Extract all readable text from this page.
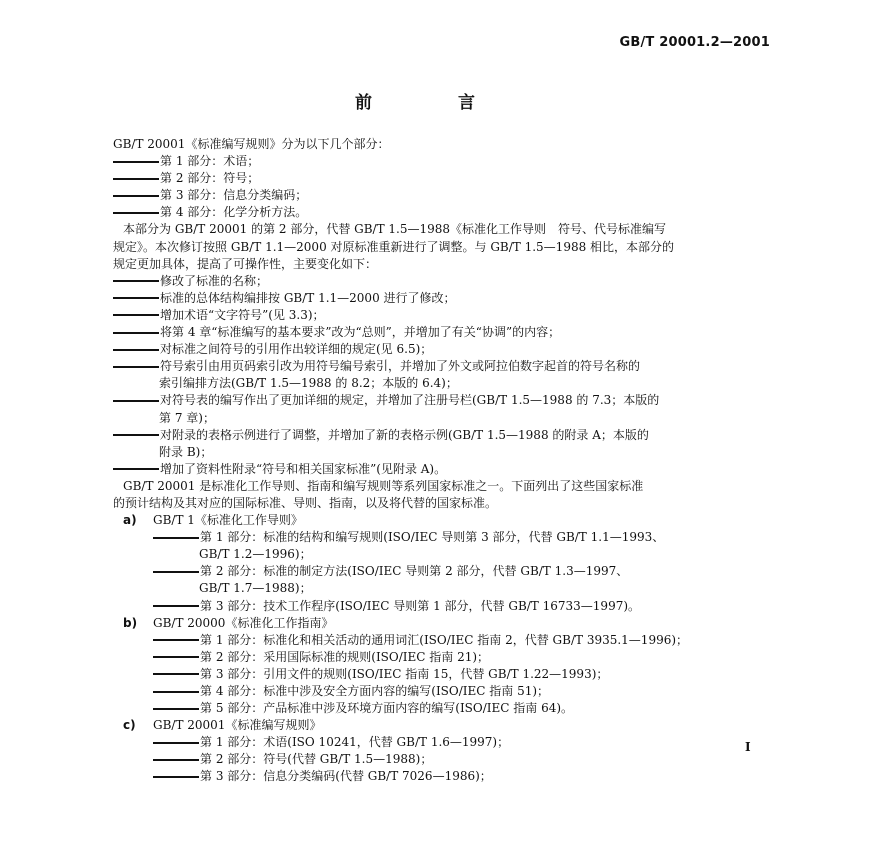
GB/T 20001.2—2001
前 言
GB/T 20001《标准编写规则》分为以下几个部分：
第 1 部分：术语；
第 2 部分：符号；
第 3 部分：信息分类编码；
第 4 部分：化学分析方法。
本部分为 GB/T 20001 的第 2 部分，代替 GB/T 1.5—1988《标准化工作导则　符号、代号标准编写
规定》。本次修订按照 GB/T 1.1—2000 对原标准重新进行了调整。与 GB/T 1.5—1988 相比，本部分的
规定更加具体，提高了可操作性，主要变化如下：
修改了标准的名称；
标准的总体结构编排按 GB/T 1.1—2000 进行了修改；
增加术语“文字符号”(见 3.3)；
将第 4 章“标准编写的基本要求”改为“总则”，并增加了有关“协调”的内容；
对标准之间符号的引用作出较详细的规定(见 6.5)；
符号索引由用页码索引改为用符号编号索引，并增加了外文或阿拉伯数字起首的符号名称的
索引编排方法(GB/T 1.5—1988 的 8.2；本版的 6.4)；
对符号表的编写作出了更加详细的规定，并增加了注册号栏(GB/T 1.5—1988 的 7.3；本版的
第 7 章)；
对附录的表格示例进行了调整，并增加了新的表格示例(GB/T 1.5—1988 的附录 A；本版的
附录 B)；
增加了资料性附录“符号和相关国家标准”(见附录 A)。
GB/T 20001 是标准化工作导则、指南和编写规则等系列国家标准之一。下面列出了这些国家标准
的预计结构及其对应的国际标准、导则、指南，以及将代替的国家标准。
a) GB/T 1《标准化工作导则》
第 1 部分：标准的结构和编写规则(ISO/IEC 导则第 3 部分，代替 GB/T 1.1—1993、
GB/T 1.2—1996)；
第 2 部分：标准的制定方法(ISO/IEC 导则第 2 部分，代替 GB/T 1.3—1997、
GB/T 1.7—1988)；
第 3 部分：技术工作程序(ISO/IEC 导则第 1 部分，代替 GB/T 16733—1997)。
b) GB/T 20000《标准化工作指南》
第 1 部分：标准化和相关活动的通用词汇(ISO/IEC 指南 2，代替 GB/T 3935.1—1996)；
第 2 部分：采用国际标准的规则(ISO/IEC 指南 21)；
第 3 部分：引用文件的规则(ISO/IEC 指南 15，代替 GB/T 1.22—1993)；
第 4 部分：标准中涉及安全方面内容的编写(ISO/IEC 指南 51)；
第 5 部分：产品标准中涉及环境方面内容的编写(ISO/IEC 指南 64)。
c) GB/T 20001《标准编写规则》
第 1 部分：术语(ISO 10241，代替 GB/T 1.6—1997)；
第 2 部分：符号(代替 GB/T 1.5—1988)；
第 3 部分：信息分类编码(代替 GB/T 7026—1986)；
I
